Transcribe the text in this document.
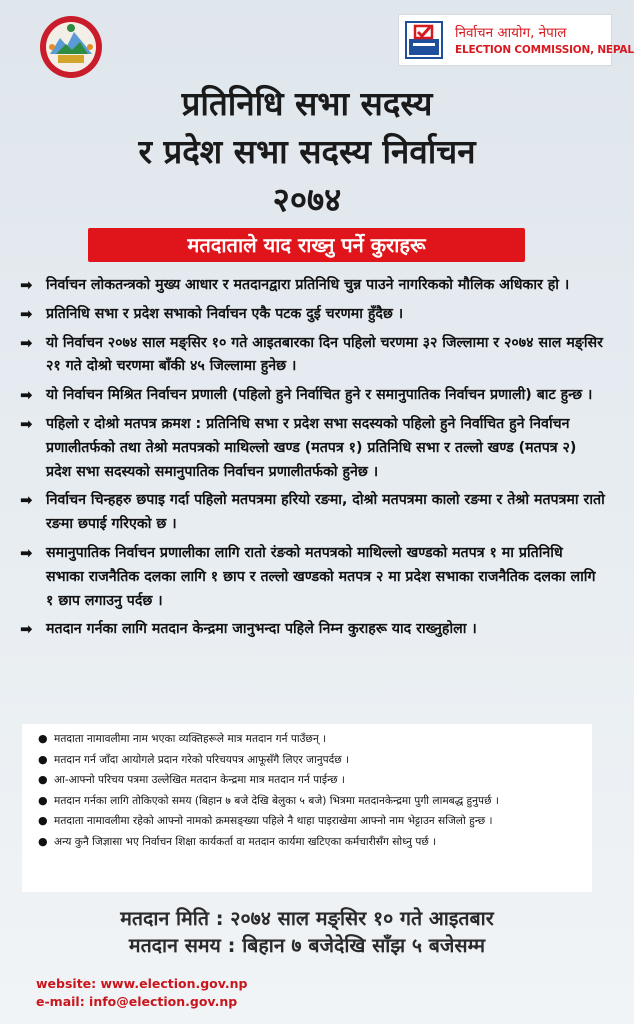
निर्वाचन आयोग, नेपाल
ELECTION COMMISSION, NEPAL
प्रतिनिधि सभा सदस्य
र प्रदेश सभा सदस्य निर्वाचन
२०७४
मतदाताले याद राख्नु पर्ने कुराहरू
➡ निर्वाचन लोकतन्त्रको मुख्य आधार र मतदानद्वारा प्रतिनिधि चुन्न पाउने नागरिकको मौलिक अधिकार हो ।
➡ प्रतिनिधि सभा र प्रदेश सभाको निर्वाचन एकै पटक दुई चरणमा हुँदैछ ।
➡ यो निर्वाचन २०७४ साल मङ्सिर १० गते आइतबारका दिन पहिलो चरणमा ३२ जिल्लामा र २०७४ साल मङ्सिर २१ गते दोश्रो चरणमा बाँकी ४५ जिल्लामा हुनेछ ।
➡ यो निर्वाचन मिश्रित निर्वाचन प्रणाली (पहिलो हुने निर्वाचित हुने र समानुपातिक निर्वाचन प्रणाली) बाट हुन्छ ।
➡ पहिलो र दोश्रो मतपत्र क्रमश : प्रतिनिधि सभा र प्रदेश सभा सदस्यको पहिलो हुने निर्वाचित हुने निर्वाचन प्रणालीतर्फको तथा तेश्रो मतपत्रको माथिल्लो खण्ड (मतपत्र १) प्रतिनिधि सभा र तल्लो खण्ड (मतपत्र २) प्रदेश सभा सदस्यको समानुपातिक निर्वाचन प्रणालीतर्फको हुनेछ ।
➡ निर्वाचन चिन्हहरु छपाइ गर्दा पहिलो मतपत्रमा हरियो रङमा, दोश्रो मतपत्रमा कालो रङमा र तेश्रो मतपत्रमा रातो रङमा छपाई गरिएको छ ।
➡ समानुपातिक निर्वाचन प्रणालीका लागि रातो रंङको मतपत्रको माथिल्लो खण्डको मतपत्र १ मा प्रतिनिधि सभाका राजनैतिक दलका लागि १ छाप र तल्लो खण्डको मतपत्र २ मा प्रदेश सभाका राजनैतिक दलका लागि १ छाप लगाउनु पर्दछ ।
➡ मतदान गर्नका लागि मतदान केन्द्रमा जानुभन्दा पहिले निम्न कुराहरू याद राख्नुहोला ।
● मतदाता नामावलीमा नाम भएका व्यक्तिहरूले मात्र मतदान गर्न पाउँछन् ।
● मतदान गर्न जाँदा आयोगले प्रदान गरेको परिचयपत्र आफूसँगै लिएर जानुपर्दछ ।
● आ-आफ्नो परिचय पत्रमा उल्लेखित मतदान केन्द्रमा मात्र मतदान गर्न पाईन्छ ।
● मतदान गर्नका लागि तोकिएको समय (बिहान ७ बजे देखि बेलुका ५ बजे) भित्रमा मतदानकेन्द्रमा पुगी लामबद्ध हुनुपर्छ ।
● मतदाता नामावलीमा रहेको आफ्नो नामको क्रमसङ्ख्या पहिले नै थाहा पाइराखेमा आफ्नो नाम भेट्टाउन सजिलो हुन्छ ।
● अन्य कुनै जिज्ञासा भए निर्वाचन शिक्षा कार्यकर्ता वा मतदान कार्यमा खटिएका कर्मचारीसँग सोध्नु पर्छ ।
मतदान मिति : २०७४ साल मङ्सिर १० गते आइतबार
मतदान समय : बिहान ७ बजेदेखि साँझ ५ बजेसम्म
website: www.election.gov.np
e-mail: info@election.gov.np
